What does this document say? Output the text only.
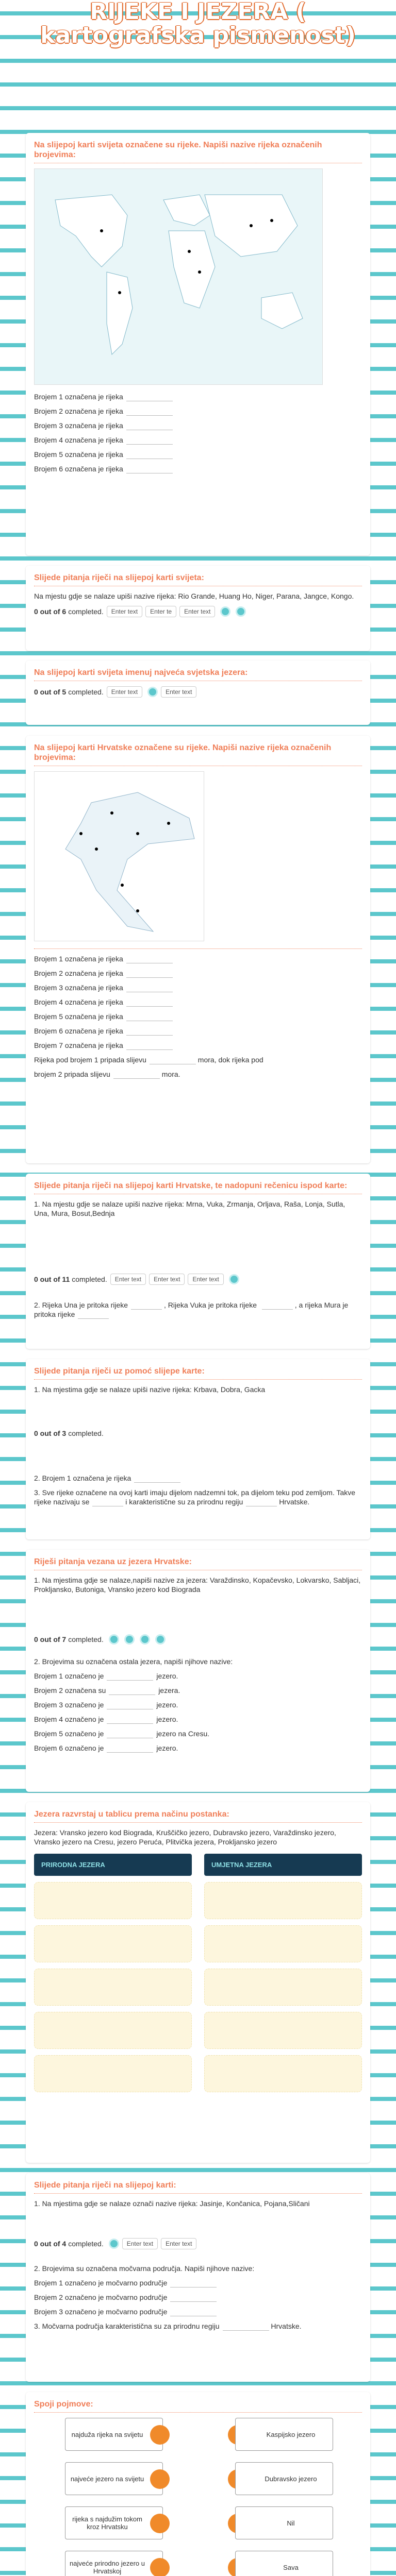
RIJEKE I JEZERA ( kartografska pismenost)
Na slijepoj karti svijeta označene su rijeke. Napiši nazive rijeka označenih brojevima:
Brojem 1 označena je rijeka
Brojem 2 označena je rijeka
Brojem 3 označena je rijeka
Brojem 4 označena je rijeka
Brojem 5 označena je rijeka
Brojem 6 označena je rijeka
Slijede pitanja riječi na slijepoj karti svijeta:
Na mjestu gdje se nalaze upiši nazive rijeka: Rio Grande, Huang Ho, Niger, Parana, Jangce, Kongo.
0 out of 6 completed.	Enter text	Enter te	Enter text
Na slijepoj karti svijeta imenuj najveća svjetska jezera:
0 out of 5 completed.	Enter text	Enter text
Na slijepoj karti Hrvatske označene su rijeke. Napiši nazive rijeka označenih brojevima:
Brojem 1 označena je rijeka
Brojem 2 označena je rijeka
Brojem 3 označena je rijeka
Brojem 4 označena je rijeka
Brojem 5 označena je rijeka
Brojem 6 označena je rijeka
Brojem 7 označena je rijeka
Rijeka pod brojem 1 pripada slijevu	mora, dok rijeka pod
brojem 2 pripada slijevu	mora.
Slijede pitanja riječi na slijepoj karti Hrvatske, te nadopuni rečenicu ispod karte:
1. Na mjestu gdje se nalaze upiši nazive rijeka: Mrna, Vuka, Zrmanja, Orljava, Raša, Lonja, Sutla, Una, Mura, Bosut,Bednja
0 out of 11 completed.	Enter text	Enter text	Enter text
2. Rijeka Una je pritoka rijeke	, Rijeka Vuka je pritoka rijeke	, a rijeka Mura je pritoka rijeke
Slijede pitanja riječi uz pomoć slijepe karte:
1. Na mjestima gdje se nalaze upiši nazive rijeka: Krbava, Dobra, Gacka
0 out of 3 completed.
2. Brojem 1 označena je rijeka
3. Sve rijeke označene na ovoj karti imaju dijelom nadzemni tok, pa dijelom teku pod zemljom. Takve rijeke nazivaju se	i karakteristične su za prirodnu regiju	Hrvatske.
Riješi pitanja vezana uz jezera Hrvatske:
1. Na mjestima gdje se nalaze,napiši nazive za jezera: Varaždinsko, Kopačevsko, Lokvarsko, Sabljaci, Prokljansko, Butoniga, Vransko jezero kod Biograda
0 out of 7 completed.
2. Brojevima su označena ostala jezera, napiši njihove nazive:
Brojem 1 označeno je	jezero.
Brojem 2 označena su	jezera.
Brojem 3 označeno je	jezero.
Brojem 4 označeno je	jezero.
Brojem 5 označeno je	jezero na Cresu.
Brojem 6 označeno je	jezero.
Jezera razvrstaj u tablicu prema načinu postanka:
Jezera: Vransko jezero kod Biograda, Kruščičko jezero, Dubravsko jezero, Varaždinsko jezero, Vransko jezero na Cresu, jezero Peruća, Plitvička jezera, Prokljansko jezero
PRIRODNA JEZERA	UMJETNA JEZERA
Slijede pitanja riječi na slijepoj karti:
1. Na mjestima gdje se nalaze označi nazive rijeka: Jasinje, Končanica, Pojana,Sličani
0 out of 4 completed.	Enter text	Enter text
2. Brojevima su označena močvarna područja. Napiši njihove nazive:
Brojem 1 označeno je močvarno područje
Brojem 2 označeno je močvarno područje
Brojem 3 označeno je močvarno područje
3. Močvarna područja karakteristična su za prirodnu regiju	Hrvatske.
Spoji pojmove:
najduža rijeka na svijetu	Kaspijsko jezero
najveće jezero na svijetu	Dubravsko jezero
rijeka s najdužim tokom kroz Hrvatsku	Nil
najveće prirodno jezero u Hrvatskoj	Sava
